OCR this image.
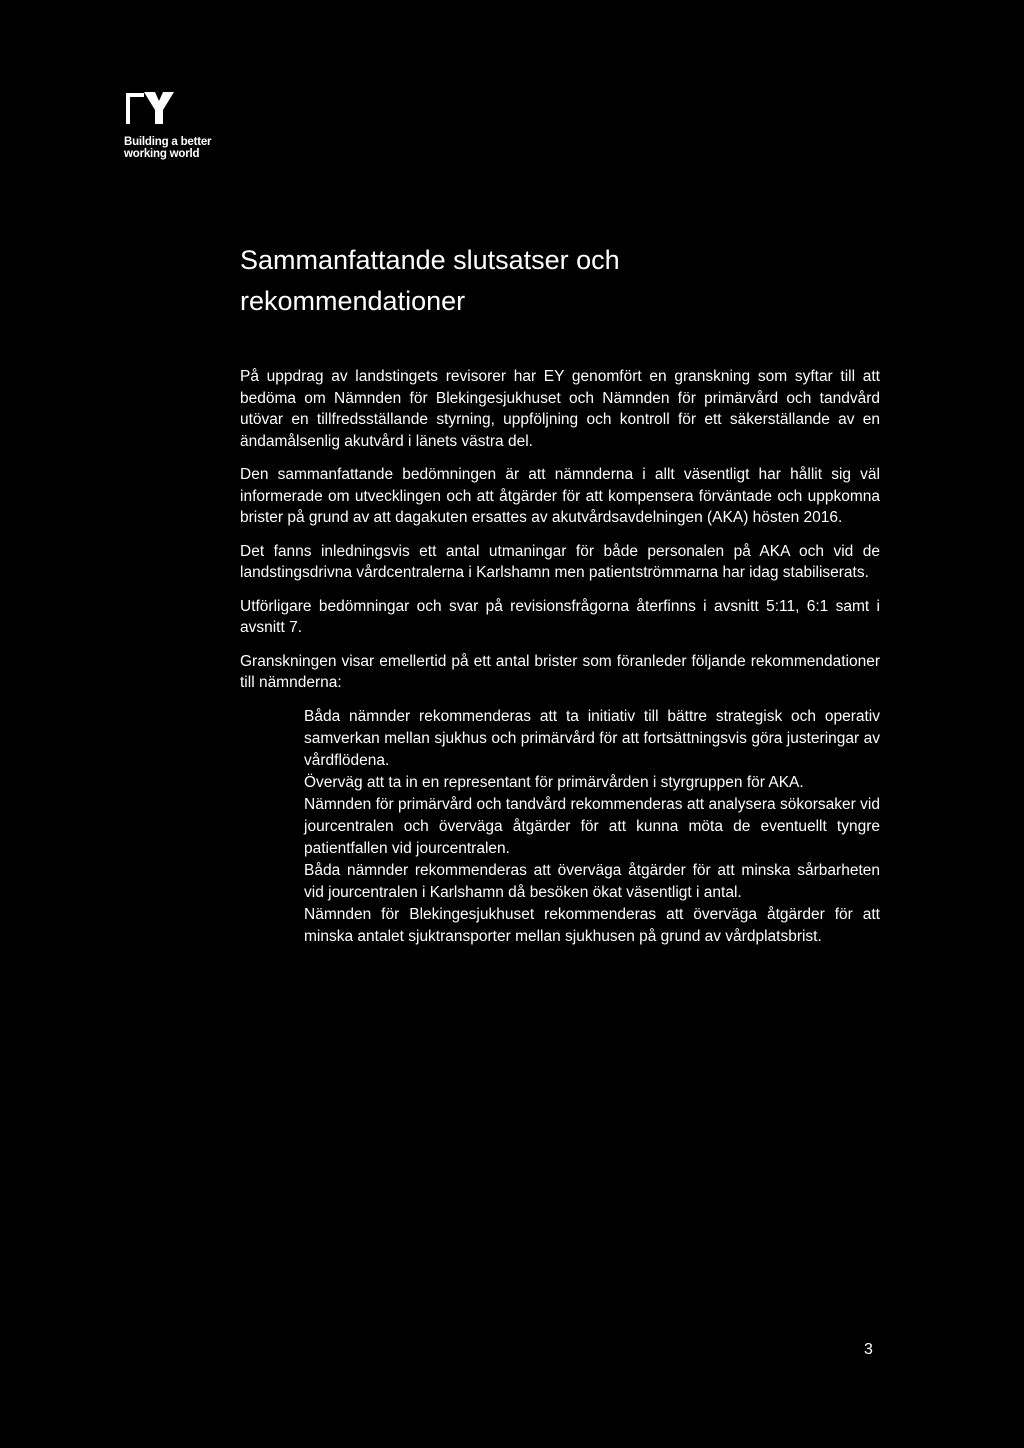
Building a better
working world
Sammanfattande slutsatser och
rekommendationer

På uppdrag av landstingets revisorer har EY genomfört en granskning som syftar till att bedöma om Nämnden för Blekingesjukhuset och Nämnden för primärvård och tandvård utövar en tillfredsställande styrning, uppföljning och kontroll för ett säkerställande av en ändamålsenlig akutvård i länets västra del.

Den sammanfattande bedömningen är att nämnderna i allt väsentligt har hållit sig väl informerade om utvecklingen och att åtgärder för att kompensera förväntade och uppkomna brister på grund av att dagakuten ersattes av akutvårdsavdelningen (AKA) hösten 2016.

Det fanns inledningsvis ett antal utmaningar för både personalen på AKA och vid de landstingsdrivna vårdcentralerna i Karlshamn men patientströmmarna har idag stabiliserats.

Utförligare bedömningar och svar på revisionsfrågorna återfinns i avsnitt 5:11, 6:1 samt i avsnitt 7.

Granskningen visar emellertid på ett antal brister som föranleder följande rekommendationer till nämnderna:

Båda nämnder rekommenderas att ta initiativ till bättre strategisk och operativ samverkan mellan sjukhus och primärvård för att fortsättningsvis göra justeringar av vårdflödena.
Överväg att ta in en representant för primärvården i styrgruppen för AKA.
Nämnden för primärvård och tandvård rekommenderas att analysera sökorsaker vid jourcentralen och överväga åtgärder för att kunna möta de eventuellt tyngre patientfallen vid jourcentralen.
Båda nämnder rekommenderas att överväga åtgärder för att minska sårbarheten vid jourcentralen i Karlshamn då besöken ökat väsentligt i antal.
Nämnden för Blekingesjukhuset rekommenderas att överväga åtgärder för att minska antalet sjuktransporter mellan sjukhusen på grund av vårdplatsbrist.
3
